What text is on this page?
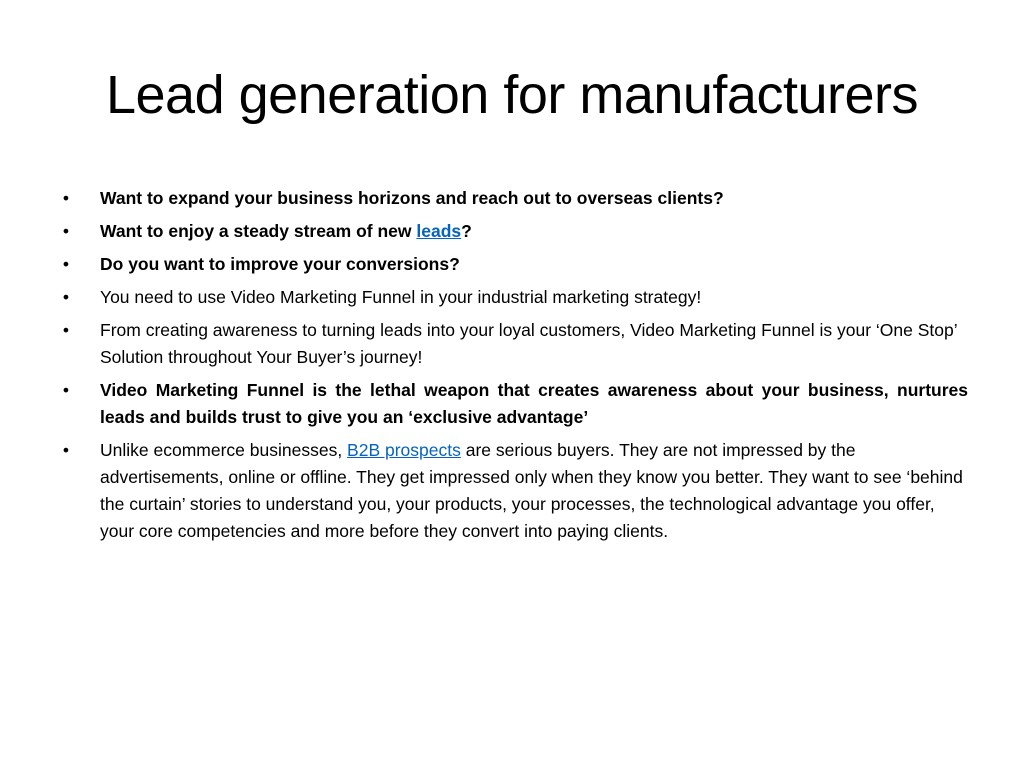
Lead generation for manufacturers
• Want to expand your business horizons and reach out to overseas clients?
• Want to enjoy a steady stream of new leads?
• Do you want to improve your conversions?
• You need to use Video Marketing Funnel in your industrial marketing strategy!
• From creating awareness to turning leads into your loyal customers, Video Marketing Funnel is your ‘One Stop’ Solution throughout Your Buyer’s journey!
• Video Marketing Funnel is the lethal weapon that creates awareness about your business, nurtures leads and builds trust to give you an ‘exclusive advantage’
• Unlike ecommerce businesses, B2B prospects are serious buyers. They are not impressed by the advertisements, online or offline. They get impressed only when they know you better. They want to see ‘behind the curtain’ stories to understand you, your products, your processes, the technological advantage you offer, your core competencies and more before they convert into paying clients.
